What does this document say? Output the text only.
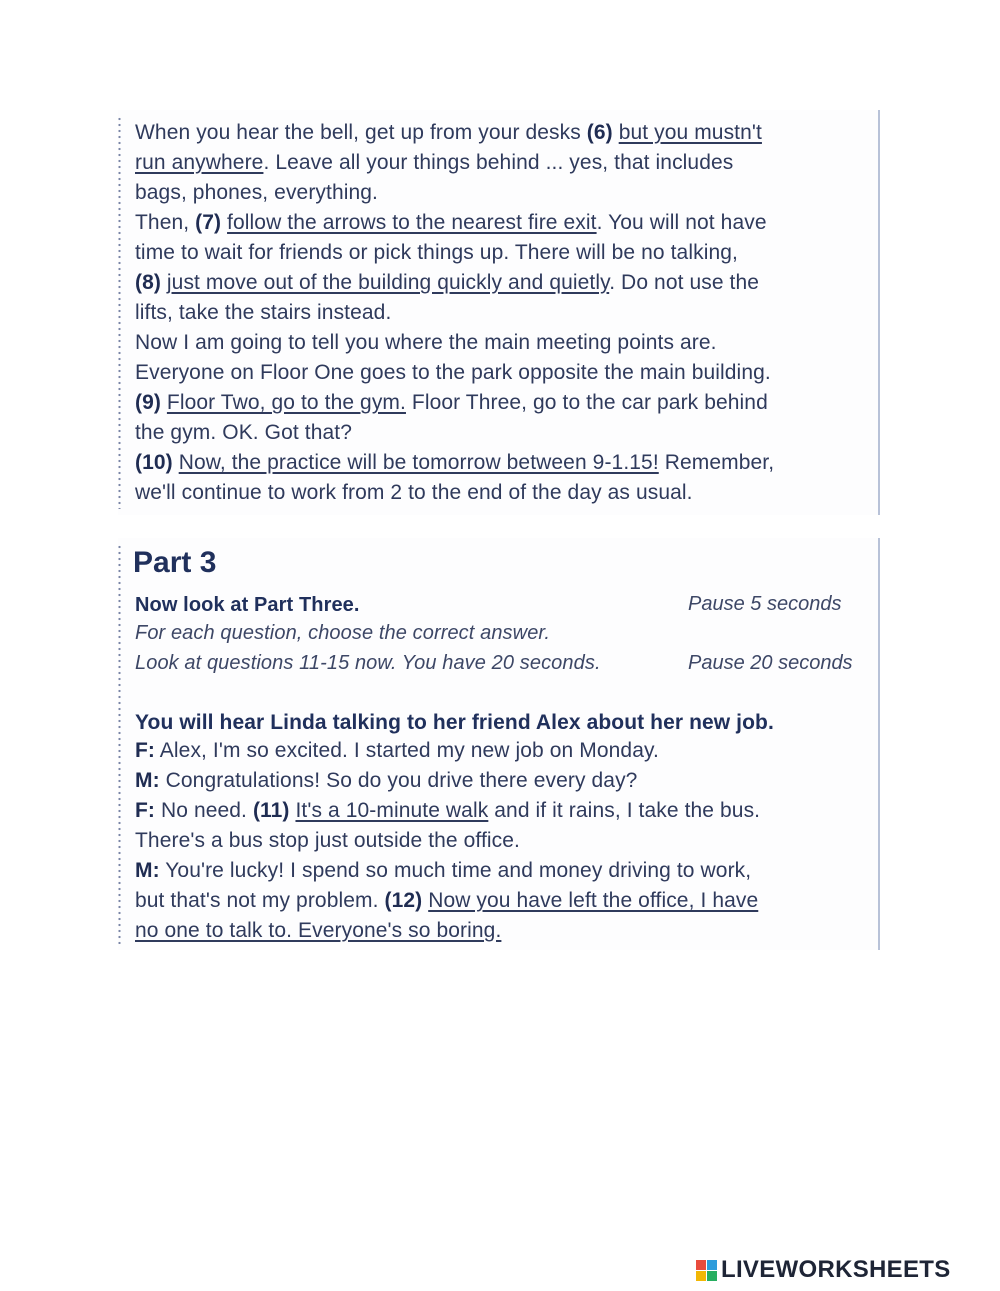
When you hear the bell, get up from your desks (6) but you mustn't
run anywhere. Leave all your things behind ... yes, that includes
bags, phones, everything.
Then, (7) follow the arrows to the nearest fire exit. You will not have
time to wait for friends or pick things up. There will be no talking,
(8) just move out of the building quickly and quietly. Do not use the
lifts, take the stairs instead.
Now I am going to tell you where the main meeting points are.
Everyone on Floor One goes to the park opposite the main building.
(9) Floor Two, go to the gym. Floor Three, go to the car park behind
the gym. OK. Got that?
(10) Now, the practice will be tomorrow between 9-1.15! Remember,
we'll continue to work from 2 to the end of the day as usual.
Part 3
Now look at Part Three.	Pause 5 seconds
For each question, choose the correct answer.
Look at questions 11-15 now. You have 20 seconds.	Pause 20 seconds
You will hear Linda talking to her friend Alex about her new job.
F: Alex, I'm so excited. I started my new job on Monday.
M: Congratulations! So do you drive there every day?
F: No need. (11) It's a 10-minute walk and if it rains, I take the bus.
There's a bus stop just outside the office.
M: You're lucky! I spend so much time and money driving to work,
but that's not my problem. (12) Now you have left the office, I have
no one to talk to. Everyone's so boring.
LIVEWORKSHEETS
